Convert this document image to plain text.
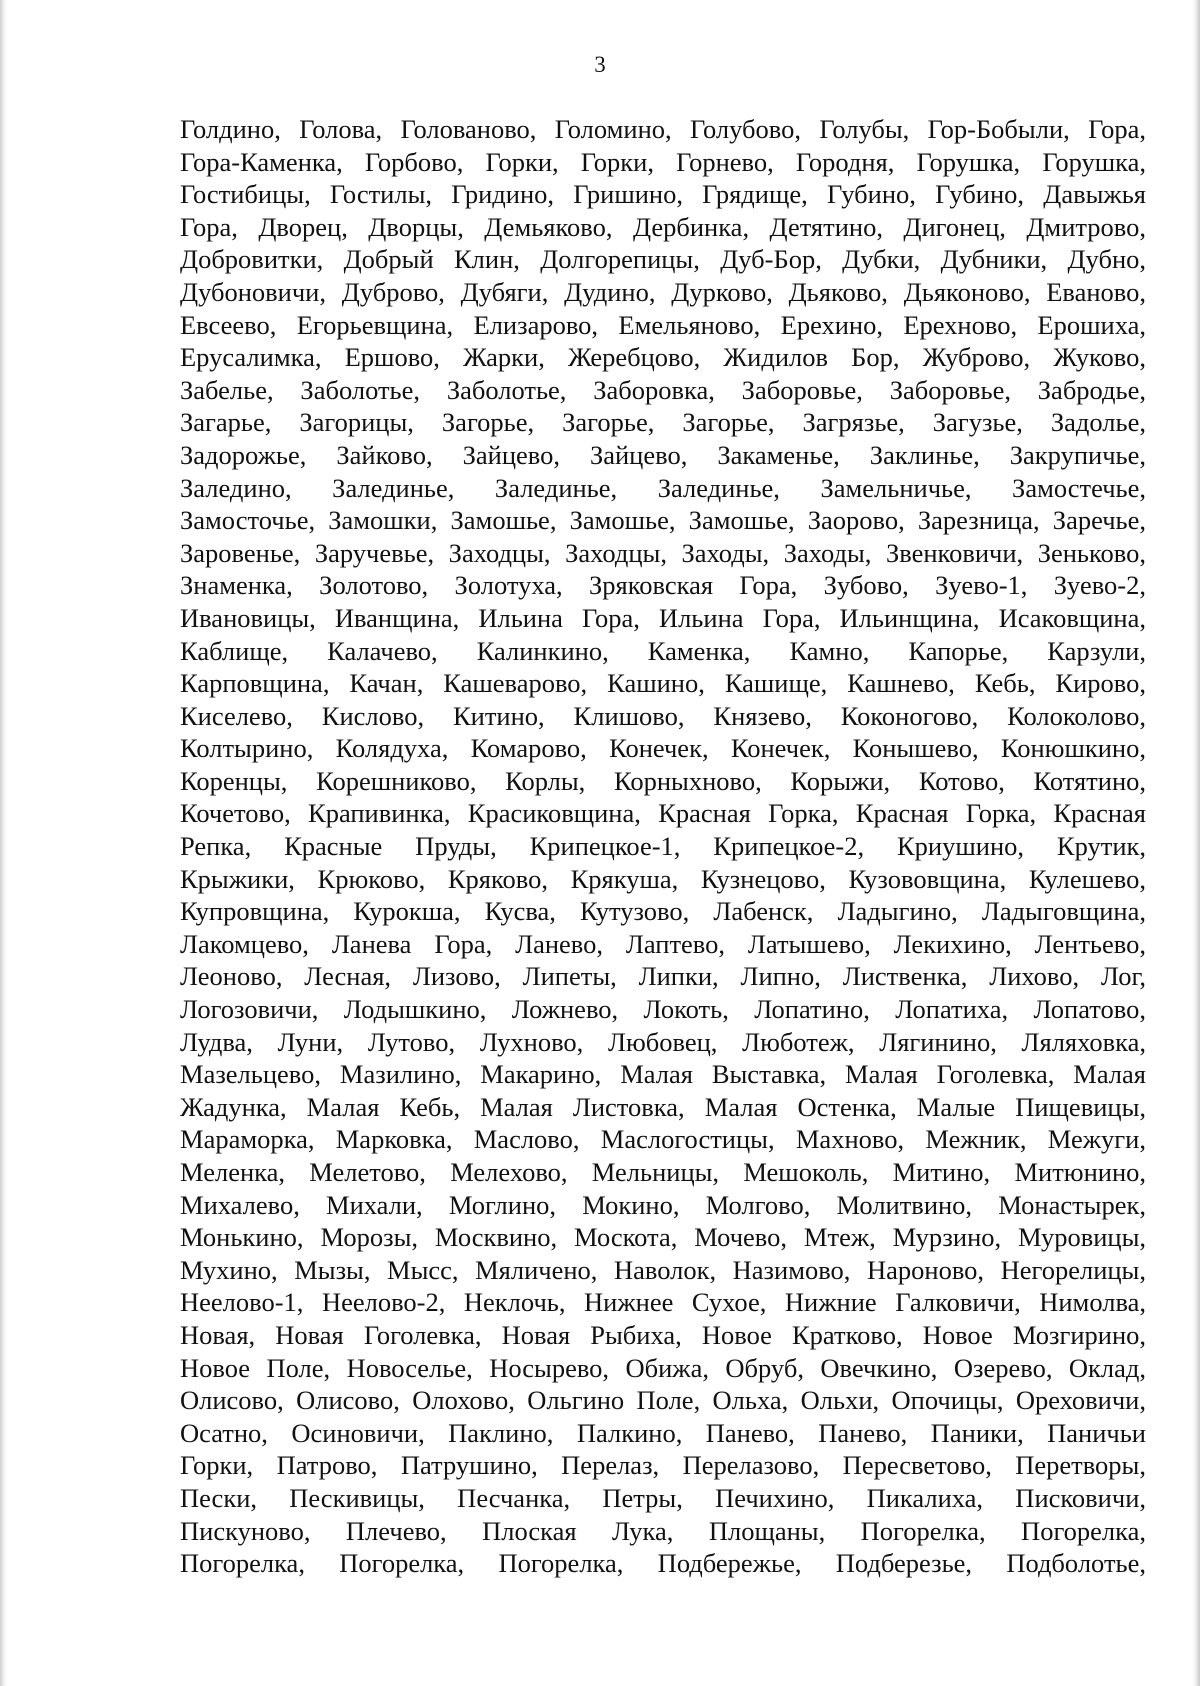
3
Голдино, Голова, Голованово, Голомино, Голубово, Голубы, Гор-Бобыли, Гора,
Гора-Каменка, Горбово, Горки, Горки, Горнево, Городня, Горушка, Горушка,
Гостибицы, Гостилы, Гридино, Гришино, Грядище, Губино, Губино, Давыжья
Гора, Дворец, Дворцы, Демьяково, Дербинка, Детятино, Дигонец, Дмитрово,
Добровитки, Добрый Клин, Долгорепицы, Дуб-Бор, Дубки, Дубники, Дубно,
Дубоновичи, Дуброво, Дубяги, Дудино, Дурково, Дьяково, Дьяконово, Еваново,
Евсеево, Егорьевщина, Елизарово, Емельяново, Ерехино, Ерехново, Ерошиха,
Ерусалимка, Ершово, Жарки, Жеребцово, Жидилов Бор, Жуброво, Жуково,
Забелье, Заболотье, Заболотье, Заборовка, Заборовье, Заборовье, Забродье,
Загарье, Загорицы, Загорье, Загорье, Загорье, Загрязье, Загузье, Задолье,
Задорожье, Зайково, Зайцево, Зайцево, Закаменье, Заклинье, Закрупичье,
Заледино, Залединье, Залединье, Залединье, Замельничье, Замостечье,
Замосточье, Замошки, Замошье, Замошье, Замошье, Заорово, Зарезница, Заречье,
Заровенье, Заручевье, Заходцы, Заходцы, Заходы, Заходы, Звенковичи, Зеньково,
Знаменка, Золотово, Золотуха, Зряковская Гора, Зубово, Зуево-1, Зуево-2,
Ивановицы, Иванщина, Ильина Гора, Ильина Гора, Ильинщина, Исаковщина,
Каблище, Калачево, Калинкино, Каменка, Камно, Капорье, Карзули,
Карповщина, Качан, Кашеварово, Кашино, Кашище, Кашнево, Кебь, Кирово,
Киселево, Кислово, Китино, Клишово, Князево, Коконогово, Колоколово,
Колтырино, Колядуха, Комарово, Конечек, Конечек, Конышево, Конюшкино,
Коренцы, Корешниково, Корлы, Корныхново, Корыжи, Котово, Котятино,
Кочетово, Крапивинка, Красиковщина, Красная Горка, Красная Горка, Красная
Репка, Красные Пруды, Крипецкое-1, Крипецкое-2, Криушино, Крутик,
Крыжики, Крюково, Кряково, Крякуша, Кузнецово, Кузововщина, Кулешево,
Купровщина, Курокша, Кусва, Кутузово, Лабенск, Ладыгино, Ладыговщина,
Лакомцево, Ланева Гора, Ланево, Лаптево, Латышево, Лекихино, Лентьево,
Леоново, Лесная, Лизово, Липеты, Липки, Липно, Лиственка, Лихово, Лог,
Логозовичи, Лодышкино, Ложнево, Локоть, Лопатино, Лопатиха, Лопатово,
Лудва, Луни, Лутово, Лухново, Любовец, Люботеж, Лягинино, Ляляховка,
Мазельцево, Мазилино, Макарино, Малая Выставка, Малая Гоголевка, Малая
Жадунка, Малая Кебь, Малая Листовка, Малая Остенка, Малые Пищевицы,
Мараморка, Марковка, Маслово, Маслогостицы, Махново, Межник, Межуги,
Меленка, Мелетово, Мелехово, Мельницы, Мешоколь, Митино, Митюнино,
Михалево, Михали, Моглино, Мокино, Молгово, Молитвино, Монастырек,
Монькино, Морозы, Москвино, Москота, Мочево, Мтеж, Мурзино, Муровицы,
Мухино, Мызы, Мысс, Мяличено, Наволок, Назимово, Нароново, Негорелицы,
Неелово-1, Неелово-2, Неклочь, Нижнее Сухое, Нижние Галковичи, Нимолва,
Новая, Новая Гоголевка, Новая Рыбиха, Новое Кратково, Новое Мозгирино,
Новое Поле, Новоселье, Носырево, Обижа, Обруб, Овечкино, Озерево, Оклад,
Олисово, Олисово, Олохово, Ольгино Поле, Ольха, Ольхи, Опочицы, Ореховичи,
Осатно, Осиновичи, Паклино, Палкино, Панево, Панево, Паники, Паничьи
Горки, Патрово, Патрушино, Перелаз, Перелазово, Пересветово, Перетворы,
Пески, Пескивицы, Песчанка, Петры, Печихино, Пикалиха, Писковичи,
Пискуново, Плечево, Плоская Лука, Площаны, Погорелка, Погорелка,
Погорелка, Погорелка, Погорелка, Подбережье, Подберезье, Подболотье,
